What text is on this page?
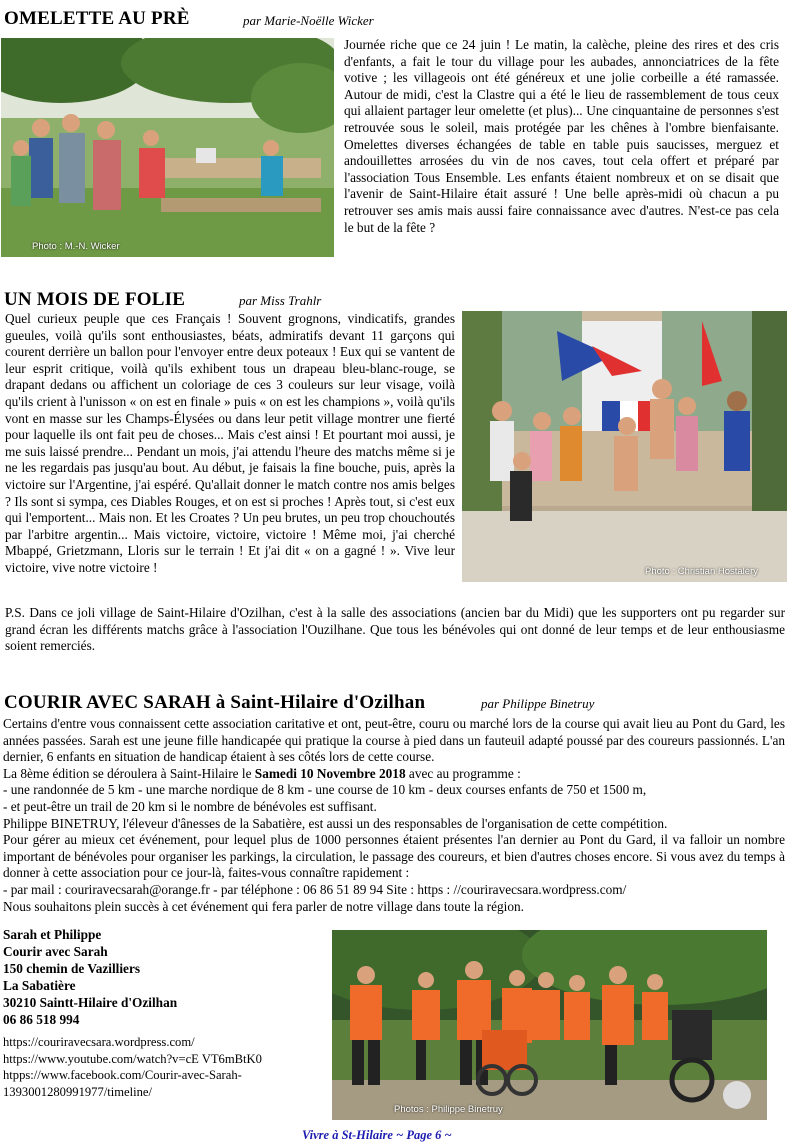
OMELETTE AU PRÈ	par Marie-Noëlle Wicker
Photo : M.-N. Wicker
Journée riche que ce 24 juin ! Le matin, la calèche, pleine des rires et des cris d'enfants, a fait le tour du village pour les aubades, annonciatrices de la fête votive ; les villageois ont été généreux et une jolie corbeille a été ramassée. Autour de midi, c'est la Clastre qui a été le lieu de rassemblement de tous ceux qui allaient partager leur omelette (et plus)... Une cinquantaine de personnes s'est retrouvée sous le soleil, mais protégée par les chênes à l'ombre bienfaisante. Omelettes diverses échangées de table en table puis saucisses, merguez et andouillettes arrosées du vin de nos caves, tout cela offert et préparé par l'association Tous Ensemble. Les enfants étaient nombreux et on se disait que l'avenir de Saint-Hilaire était assuré ! Une belle après-midi où chacun a pu retrouver ses amis mais aussi faire connaissance avec d'autres. N'est-ce pas cela le but de la fête ?
UN MOIS DE FOLIE	par Miss Trahlr
Photo : Christian Hostaléry
Quel curieux peuple que ces Français ! Souvent grognons, vindicatifs, grandes gueules, voilà qu'ils sont enthousiastes, béats, admiratifs devant 11 garçons qui courent derrière un ballon pour l'envoyer entre deux poteaux ! Eux qui se vantent de leur esprit critique, voilà qu'ils exhibent tous un drapeau bleu-blanc-rouge, se drapant dedans ou affichent un coloriage de ces 3 couleurs sur leur visage, voilà qu'ils crient à l'unisson « on est en finale » puis « on est les champions », voilà qu'ils vont en masse sur les Champs-Élysées ou dans leur petit village montrer une fierté pour laquelle ils ont fait peu de choses... Mais c'est ainsi ! Et pourtant moi aussi, je me suis laissé prendre... Pendant un mois, j'ai attendu l'heure des matchs même si je ne les regardais pas jusqu'au bout. Au début, je faisais la fine bouche, puis, après la victoire sur l'Argentine, j'ai espéré. Qu'allait donner le match contre nos amis belges ? Ils sont si sympa, ces Diables Rouges, et on est si proches ! Après tout, si c'est eux qui l'emportent... Mais non. Et les Croates ? Un peu brutes, un peu trop chouchoutés par l'arbitre argentin... Mais victoire, victoire, victoire ! Même moi, j'ai cherché Mbappé, Grietzmann, Lloris sur le terrain ! Et j'ai dit « on a gagné ! ». Vive leur victoire, vive notre victoire !
P.S. Dans ce joli village de Saint-Hilaire d'Ozilhan, c'est à la salle des associations (ancien bar du Midi) que les supporters ont pu regarder sur grand écran les différents matchs grâce à l'association l'Ouzilhane. Que tous les bénévoles qui ont donné de leur temps et de leur enthousiasme soient remerciés.
COURIR AVEC SARAH à Saint-Hilaire d'Ozilhan	par Philippe Binetruy

Certains d'entre vous connaissent cette association caritative et ont, peut-être, couru ou marché lors de la course qui avait lieu au Pont du Gard, les années passées. Sarah est une jeune fille handicapée qui pratique la course à pied dans un fauteuil adapté poussé par des coureurs passionnés. L'an dernier, 6 enfants en situation de handicap étaient à ses côtés lors de cette course.

La 8ème édition se déroulera à Saint-Hilaire le Samedi 10 Novembre 2018 avec au programme :

- une randonnée de 5 km - une marche nordique de 8 km - une course de 10 km - deux courses enfants de 750 et 1500 m,

- et peut-être un trail de 20 km si le nombre de bénévoles est suffisant.

Philippe BINETRUY, l'éleveur d'ânesses de la Sabatière, est aussi un des responsables de l'organisation de cette compétition.

Pour gérer au mieux cet événement, pour lequel plus de 1000 personnes étaient présentes l'an dernier au Pont du Gard, il va falloir un nombre important de bénévoles pour organiser les parkings, la circulation, le passage des coureurs, et bien d'autres choses encore. Si vous avez du temps à donner à cette association pour ce jour-là, faites-vous connaître rapidement :

- par mail : couriravecsarah@orange.fr - par téléphone : 06 86 51 89 94 Site : https : //couriravecsara.wordpress.com/

Nous souhaitons plein succès à cet événement qui fera parler de notre village dans toute la région.

Sarah et Philippe
Courir avec Sarah
150 chemin de Vazilliers
La Sabatière
30210 Saintt-Hilaire d'Ozilhan
06 86 518 994
https://couriravecsara.wordpress.com/
https://www.youtube.com/watch?v=cE VT6mBtK0
htpps://www.facebook.com/Courir-avec-Sarah-
1393001280991977/timeline/
Photos : Philippe Binetruy
Vivre à St-Hilaire ~ Page 6 ~
